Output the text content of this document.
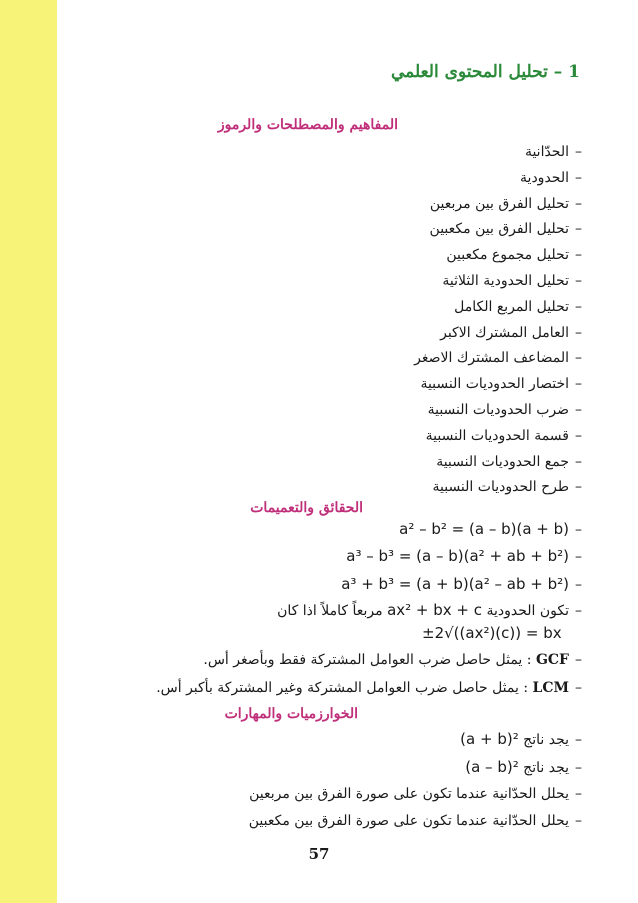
1 – تحليل المحتوى العلمي
المفاهيم والمصطلحات والرموز
–الحدّانية
–الحدودية
–تحليل الفرق بين مربعين
–تحليل الفرق بين مكعبين
–تحليل مجموع مكعبين
–تحليل الحدودية الثلاثية
–تحليل المربع الكامل
–العامل المشترك الاكبر
–المضاعف المشترك الاصغر
–اختصار الحدوديات النسبية
–ضرب الحدوديات النسبية
–قسمة الحدوديات النسبية
–جمع الحدوديات النسبية
–طرح الحدوديات النسبية
الحقائق والتعميمات
–a² – b² = (a – b)(a + b)
–a³ – b³ = (a – b)(a² + ab + b²)
–a³ + b³ = (a + b)(a² – ab + b²)
–تكون الحدودية ax² + bx + c مربعاً كاملاً اذا كان
±2√((ax²)(c)) = bx
–GCF : يمثل حاصل ضرب العوامل المشتركة فقط وبأصغر أس.
–LCM : يمثل حاصل ضرب العوامل المشتركة وغير المشتركة بأكبر أس.
الخوارزميات والمهارات
–يجد ناتج (a + b)²
–يجد ناتج (a – b)²
–يحلل الحدّانية عندما تكون على صورة الفرق بين مربعين
–يحلل الحدّانية عندما تكون على صورة الفرق بين مكعبين
57
